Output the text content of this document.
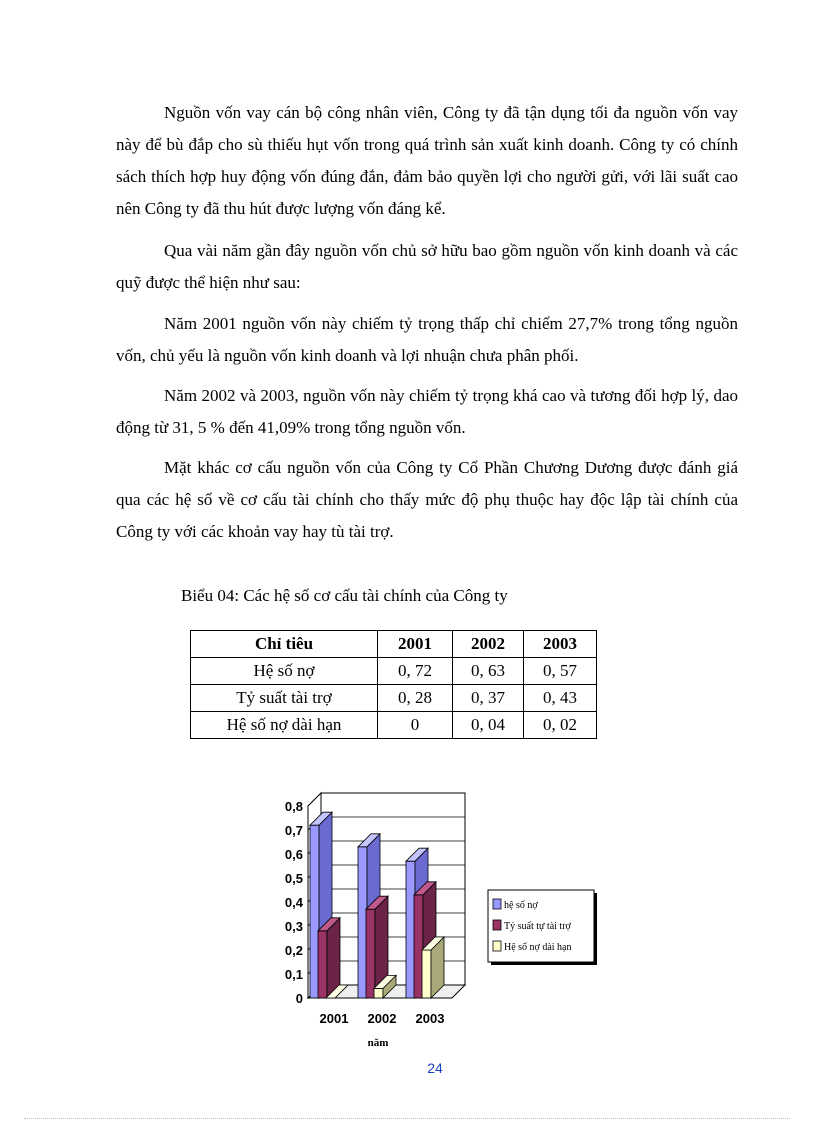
Nguồn vốn vay cán bộ công nhân viên, Công ty đã tận dụng tối đa nguồn vốn vay này để bù đắp cho sù thiếu hụt vốn trong quá trình sản xuất kinh doanh. Công ty có chính sách thích hợp huy động vốn đúng đắn, đảm bảo quyền lợi cho người gửi, với lãi suất cao nên Công ty đã thu hút được lượng vốn đáng kể.

Qua vài năm gần đây nguồn vốn chủ sở hữu bao gồm nguồn vốn kinh doanh và các quỹ được thể hiện như sau:

Năm 2001 nguồn vốn này chiếm tỷ trọng thấp chỉ chiếm 27,7% trong tổng nguồn vốn, chủ yếu là nguồn vốn kinh doanh và lợi nhuận chưa phân phối.

Năm 2002 và 2003, nguồn vốn này chiếm tỷ trọng khá cao và tương đối hợp lý, dao động từ 31, 5 % đến 41,09% trong tổng nguồn vốn.

Mặt khác cơ cấu nguồn vốn của Công ty Cổ Phần Chương Dương được đánh giá qua các hệ số về cơ cấu tài chính cho thấy mức độ phụ thuộc hay độc lập tài chính của Công ty với các khoản vay hay tù tài trợ.

Biểu 04: Các hệ số cơ cấu tài chính của Công ty

Chỉ tiêu	2001	2002	2003
Hệ số nợ	0, 72	0, 63	0, 57
Tỷ suất tài trợ	0, 28	0, 37	0, 43
Hệ số nợ dài hạn	0	0, 04	0, 02
0
0,1
0,2
0,3
0,4
0,5
0,6
0,7
0,8
2001 2002 2003
năm
hệ số nợ
Tỷ suất tự tài trợ
Hệ số nợ dài hạn
24
